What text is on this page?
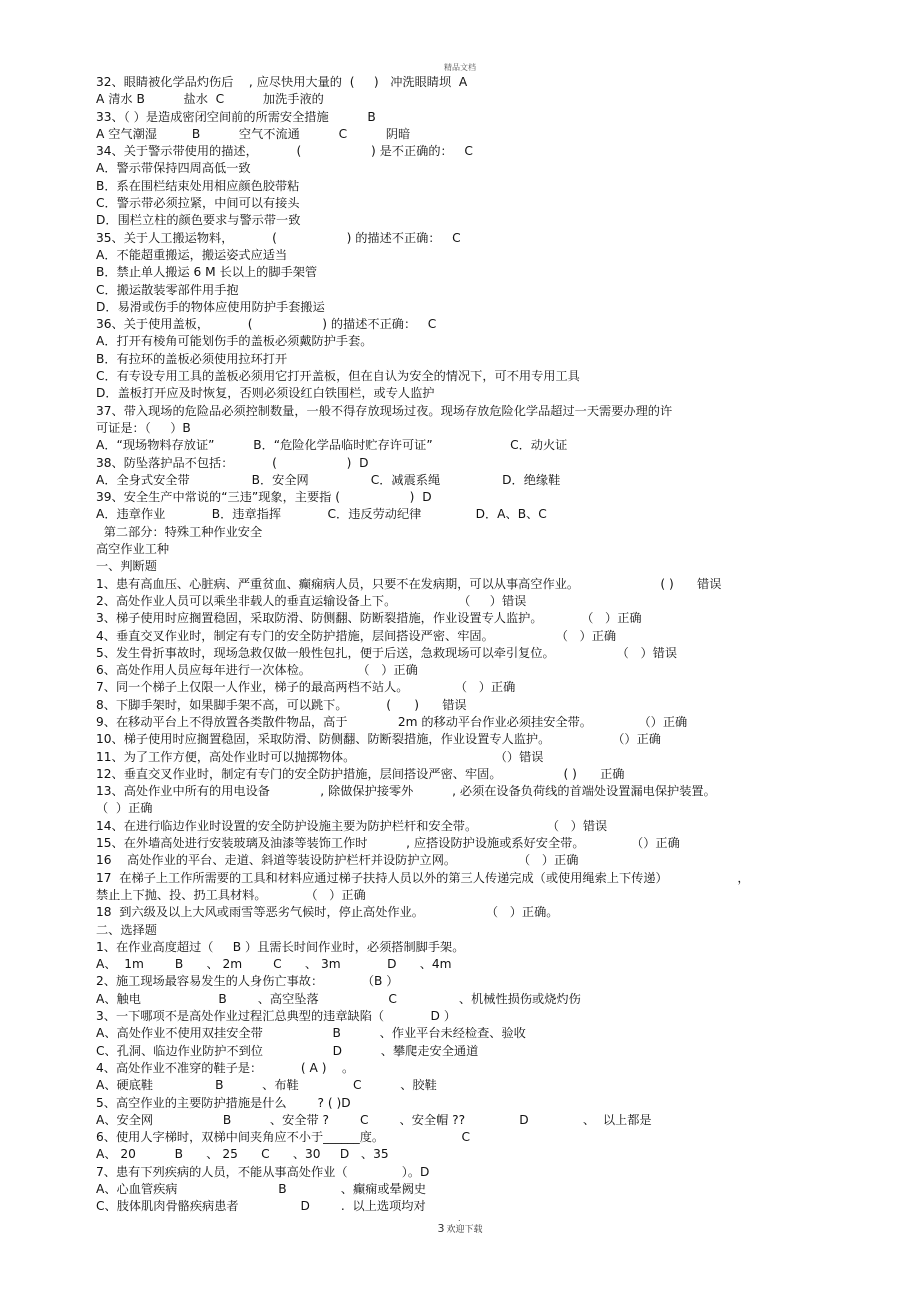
精品文档
32、眼睛被化学品灼伤后    , 应尽快用大量的  (     )   冲洗眼睛坝  A
A 清水 B          盐水  C          加洗手液的
33、（ ）是造成密闭空间前的所需安全措施          B
A 空气潮湿         B          空气不流通          C          阴暗
34、关于警示带使用的描述，          (                  ) 是不正确的：   C
A．警示带保持四周高低一致
B．系在围栏结束处用相应颜色胶带粘
C．警示带必须拉紧，中间可以有接头
D．围栏立柱的颜色要求与警示带一致
35、关于人工搬运物料，          (                  ) 的描述不正确：   C
A．不能超重搬运，搬运姿式应适当
B．禁止单人搬运 6 M 长以上的脚手架管
C．搬运散装零部件用手抱
D．易滑或伤手的物体应使用防护手套搬运
36、关于使用盖板，          (                  ) 的描述不正确：   C
A．打开有棱角可能划伤手的盖板必须戴防护手套。
B．有拉环的盖板必须使用拉环打开
C．有专设专用工具的盖板必须用它打开盖板，但在自认为安全的情况下，可不用专用工具
D．盖板打开应及时恢复，否则必须设红白铁围栏，或专人监护
37、带入现场的危险品必须控制数量，一般不得存放现场过夜。现场存放危险化学品超过一天需要办理的许
可证是：（     ）B
A．“现场物料存放证”          B．“危险化学品临时贮存许可证”                    C．动火证
38、防坠落护品不包括：          (                  )  D
A．全身式安全带                B．安全网                C．减震系绳                D．绝缘鞋
39、安全生产中常说的“三违”现象，主要指 (                  )  D
A．违章作业            B．违章指挥            C．违反劳动纪律              D．A、B、C
第二部分：特殊工种作业安全
高空作业工种
一、判断题
1、患有高血压、心脏病、严重贫血、癫痫病人员，只要不在发病期，可以从事高空作业。                     ( )      错误
2、高处作业人员可以乘坐非载人的垂直运输设备上下。                （     ）错误
3、梯子使用时应搁置稳固，采取防滑、防侧翻、防断裂措施，作业设置专人监护。          （   ）正确
4、垂直交叉作业时，制定有专门的安全防护措施，层间搭设严密、牢固。                （   ）正确
5、发生骨折事故时，现场急救仅做一般性包扎，便于后送，急救现场可以牵引复位。                （   ）错误
6、高处作用人员应每年进行一次体检。            （   ）正确
7、同一个梯子上仅限一人作业，梯子的最高两档不站人。            （   ）正确
8、下脚手架时，如果脚手架不高，可以跳下。          (      )      错误
9、在移动平台上不得放置各类散件物品，高于             2m 的移动平台作业必须挂安全带。            （）正确
10、梯子使用时应搁置稳固，采取防滑、防侧翻、防断裂措施，作业设置专人监护。                （）正确
11、为了工作方便，高处作业时可以抛掷物体。                                    （）错误
12、垂直交叉作业时，制定有专门的安全防护措施，层间搭设严密、牢固。                ( )      正确
13、高处作业中所有的用电设备             , 除做保护接零外          , 必须在设备负荷线的首端处设置漏电保护装置。
（  ）正确
14、在进行临边作业时设置的安全防护设施主要为防护栏杆和安全带。                  （   ）错误
15、在外墙高处进行安装玻璃及油漆等装饰工作时          , 应搭设防护设施或系好安全带。            （）正确
16    高处作业的平台、走道、斜道等装设防护栏杆并设防护立网。                （   ）正确
17  在梯子上工作所需要的工具和材料应通过梯子扶持人员以外的第三人传递完成（或使用绳索上下传递）                  ，
禁止上下抛、投、扔工具材料。          （   ）正确
18  到六级及以上大风或雨雪等恶劣气候时，停止高处作业。                （   ）正确。
二、选择题
1、在作业高度超过（     B ）且需长时间作业时，必须搭制脚手架。
A、  1m        B      、 2m        C      、 3m            D      、4m
2、施工现场最容易发生的人身伤亡事故：          （B ）
A、触电                    B        、高空坠落                  C                、机械性损伤或烧灼伤
3、一下哪项不是高处作业过程汇总典型的违章缺陷（            D ）
A、高处作业不使用双挂安全带                  B          、作业平台未经检查、验收
C、孔洞、临边作业防护不到位                  D          、攀爬走安全通道
4、高处作业不准穿的鞋子是：          ( A )    。
A、硬底鞋                B          、布鞋              C          、胶鞋
5、高空作业的主要防护措施是什么        ? ( )D
A、安全网                  B          、安全带 ?        C        、安全帽 ??              D              、  以上都是
6、使用人字梯时，双梯中间夹角应不小于______度。                    C
A、 20          B      、 25      C      、30     D   、35
7、患有下列疾病的人员，不能从事高处作业（              ）。D
A、心血管疾病                          B              、癫痫或晕阙史
C、肢体肌肉骨骼疾病患者                D        .  以上选项均对
.
3 欢迎下载
